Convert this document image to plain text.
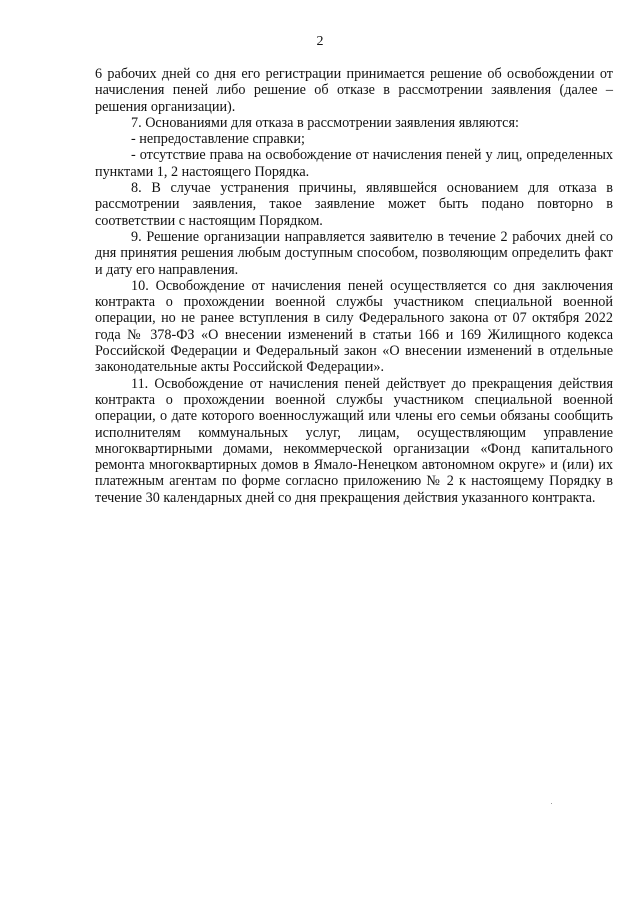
2

6 рабочих дней со дня его регистрации принимается решение об освобождении от начисления пеней либо решение об отказе в рассмотрении заявления (далее – решения организации).

7. Основаниями для отказа в рассмотрении заявления являются:

- непредоставление справки;

- отсутствие права на освобождение от начисления пеней у лиц, определенных пунктами 1, 2 настоящего Порядка.

8. В случае устранения причины, являвшейся основанием для отказа в рассмотрении заявления, такое заявление может быть подано повторно в соответствии с настоящим Порядком.

9. Решение организации направляется заявителю в течение 2 рабочих дней со дня принятия решения любым доступным способом, позволяющим определить факт и дату его направления.

10. Освобождение от начисления пеней осуществляется со дня заключения контракта о прохождении военной службы участником специальной военной операции, но не ранее вступления в силу Федерального закона от 07 октября 2022 года № 378-ФЗ «О внесении изменений в статьи 166 и 169 Жилищного кодекса Российской Федерации и Федеральный закон «О внесении изменений в отдельные законодательные акты Российской Федерации».

11. Освобождение от начисления пеней действует до прекращения действия контракта о прохождении военной службы участником специальной военной операции, о дате которого военнослужащий или члены его семьи обязаны сообщить исполнителям коммунальных услуг, лицам, осуществляющим управление многоквартирными домами, некоммерческой организации «Фонд капитального ремонта многоквартирных домов в Ямало-Ненецком автономном округе» и (или) их платежным агентам по форме согласно приложению № 2 к настоящему Порядку в течение 30 календарных дней со дня прекращения действия указанного контракта.
